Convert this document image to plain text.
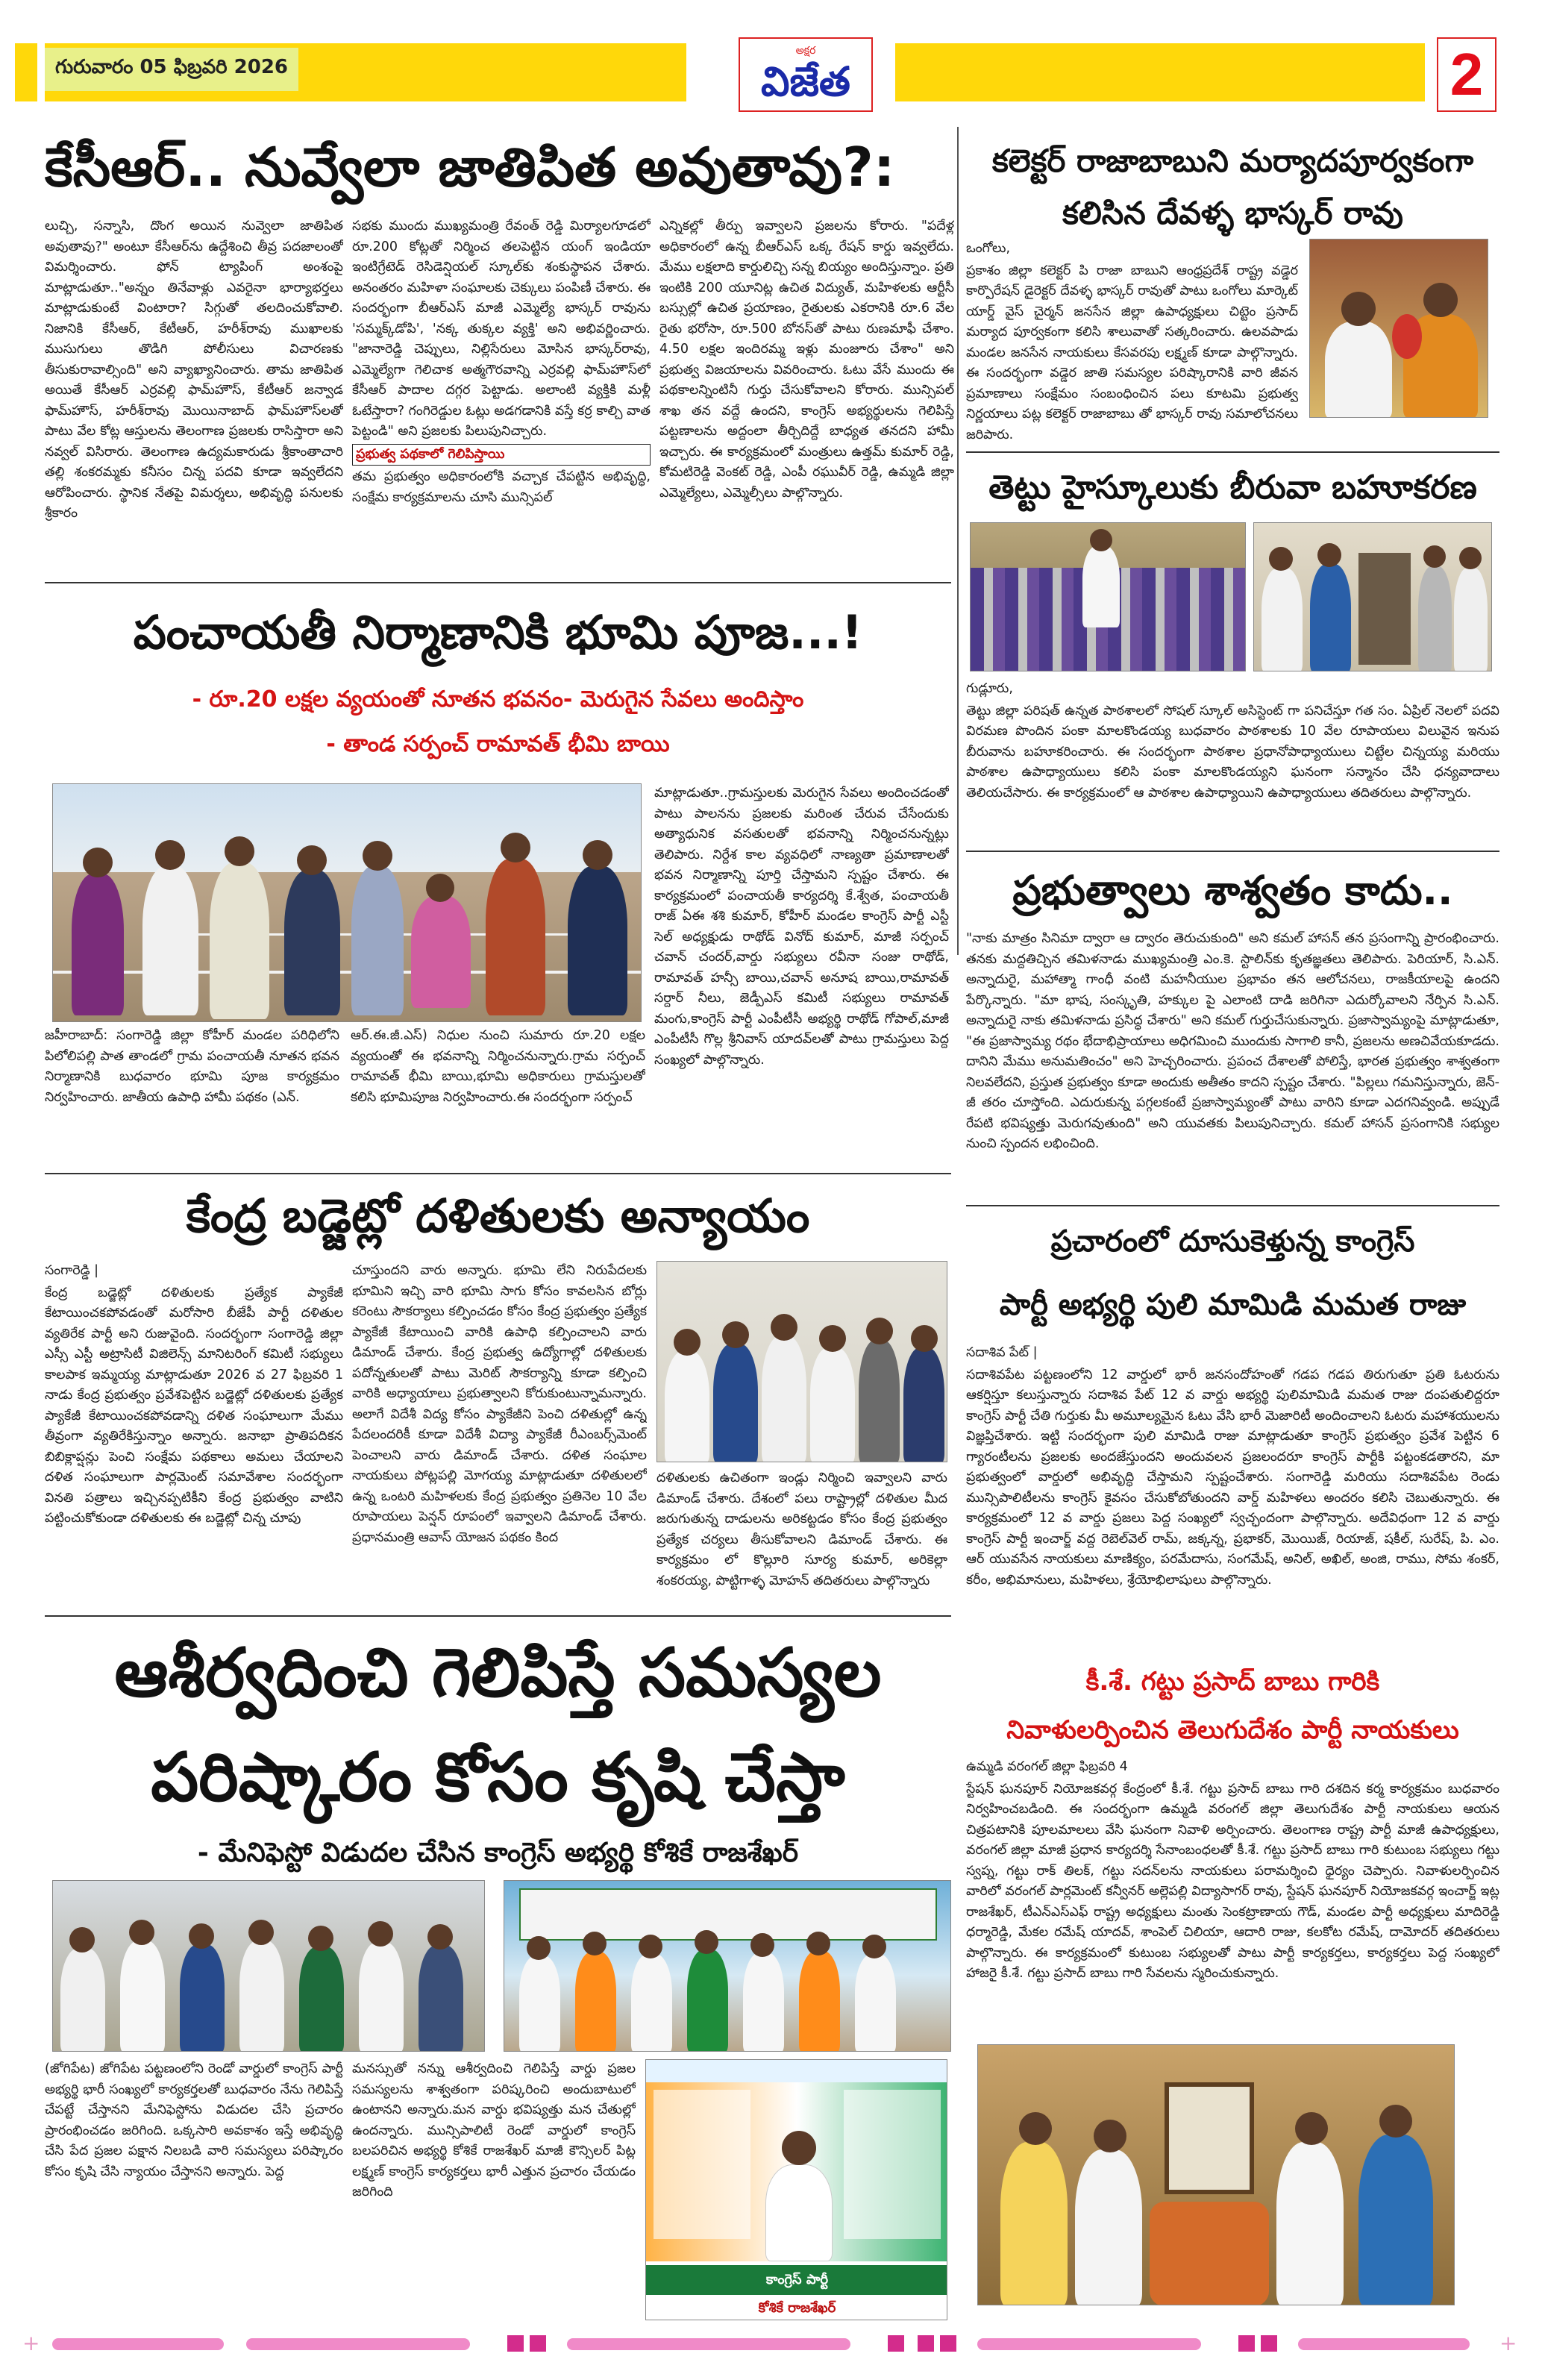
గురువారం 05 ఫిబ్రవరి 2026
అక్షర
విజేత	2
కేసీఆర్.. నువ్వేలా జాతిపిత అవుతావు?:
లుచ్చి, సన్నాసి, దొంగ అయిన నువ్వెలా జాతిపిత అవుతావు?" అంటూ కేసీఆర్‌ను ఉద్దేశించి తీవ్ర పదజాలంతో విమర్శించారు. ఫోన్ ట్యాపింగ్ అంశంపై మాట్లాడుతూ.."అన్నం తినేవాళ్లు ఎవరైనా భార్యాభర్తలు మాట్లాడుకుంటే వింటారా? సిగ్గుతో తలదించుకోవాలి. నిజానికి కేసీఆర్, కేటీఆర్, హరీశ్‌రావు ముఖాలకు ముసుగులు తొడిగి పోలీసులు విచారణకు తీసుకురావాల్సింది" అని వ్యాఖ్యానించారు. తామ జాతిపిత అయితే కేసీఆర్ ఎర్రవల్లి ఫామ్‌హౌస్, కేటీఆర్ జన్వాడ ఫామ్‌హౌస్, హరీశ్‌రావు మొయినాబాద్ ఫామ్‌హౌస్‌లతో పాటు వేల కోట్ల ఆస్తులను తెలంగాణ ప్రజలకు రాసిస్తారా అని నవ్వల్ విసిరారు. తెలంగాణ ఉద్యమకారుడు శ్రీకాంతాచారి తల్లి శంకరమ్మకు కనీసం చిన్న పదవి కూడా ఇవ్వలేదని ఆరోపించారు. స్థానిక నేతపై విమర్శలు, అభివృద్ధి పనులకు శ్రీకారం

సభకు ముందు ముఖ్యమంత్రి రేవంత్ రెడ్డి మిర్యాలగూడలో రూ.200 కోట్లతో నిర్మించ తలపెట్టిన యంగ్ ఇండియా ఇంటిగ్రేటెడ్ రెసిడెన్షియల్ స్కూల్‌కు శంకుస్థాపన చేశారు. అనంతరం మహిళా సంఘాలకు చెక్కులు పంపిణీ చేశారు. ఈ సందర్భంగా బీఆర్ఎస్ మాజీ ఎమ్మెల్యే భాస్కర్ రావును 'సమ్మక్క్‌డోపి', 'నక్క తుక్కల వ్యక్తి' అని అభివర్ణించారు. "జానారెడ్డి చెప్పులు, నిల్లిసేరులు మోసిన భాస్కర్‌రావు, ఎమ్మెల్యేగా గెలిచాక అత్మగౌరవాన్ని ఎర్రవల్లి ఫామ్‌హౌస్‌లో కేసీఆర్ పాదాల దగ్గర పెట్టాడు. అలాంటి వ్యక్తికి మళ్లీ ఓటేస్తారా? గంగిరెడ్డుల ఓట్లు అడగడానికి వస్తే కర్ర కాల్చి వాత పెట్టండి" అని ప్రజలకు పిలుపునిచ్చారు.

ప్రభుత్వ పథకాలో గెలిపిస్తాయి

తమ ప్రభుత్వం అధికారంలోకి వచ్చాక చేపట్టిన అభివృద్ధి, సంక్షేమ కార్యక్రమాలను చూసి మున్సిపల్

ఎన్నికల్లో తీర్పు ఇవ్వాలని ప్రజలను కోరారు. "పదేళ్ల అధికారంలో ఉన్న బీఆర్ఎస్ ఒక్క రేషన్ కార్డు ఇవ్వలేదు. మేము లక్షలాది కార్డులిచ్చి సన్న బియ్యం అందిస్తున్నాం. ప్రతి ఇంటికి 200 యూనిట్ల ఉచిత విద్యుత్, మహిళలకు ఆర్టీసీ బస్సుల్లో ఉచిత ప్రయాణం, రైతులకు ఎకరానికి రూ.6 వేల రైతు భరోసా, రూ.500 బోనస్‌తో పాటు రుణమాఫీ చేశాం. 4.50 లక్షల ఇందిరమ్మ ఇళ్లు మంజూరు చేశాం" అని ప్రభుత్వ విజయాలను వివరించారు. ఓటు వేసే ముందు ఈ పథకాలన్నింటినీ గుర్తు చేసుకోవాలని కోరారు. మున్సిపల్ శాఖ తన వద్దే ఉందని, కాంగ్రెస్ అభ్యర్థులను గెలిపిస్తే పట్టణాలను అద్దంలా తీర్చిదిద్దే బాధ్యత తనదని హామీ ఇచ్చారు. ఈ కార్యక్రమంలో మంత్రులు ఉత్తమ్ కుమార్ రెడ్డి, కోమటిరెడ్డి వెంకట్ రెడ్డి, ఎంపీ రఘువీర్ రెడ్డి, ఉమ్మడి జిల్లా ఎమ్మెల్యేలు, ఎమ్మెల్సీలు పాల్గొన్నారు.
పంచాయతీ నిర్మాణానికి భూమి పూజ...!
- రూ.20 లక్షల వ్యయంతో నూతన భవనం- మెరుగైన సేవలు అందిస్తాం
- తాండ సర్పంచ్ రామావత్ భీమి బాయి
జహీరాబాద్: సంగారెడ్డి జిల్లా కోహీర్ మండల పరిధిలోని పిలోలిపల్లి పాత తాండలో గ్రామ పంచాయతీ నూతన భవన నిర్మాణానికి బుధవారం భూమి పూజ కార్యక్రమం నిర్వహించారు. జాతీయ ఉపాధి హామీ పథకం (ఎన్.
ఆర్.ఈ.జీ.ఎస్) నిధుల నుంచి సుమారు రూ.20 లక్షల వ్యయంతో ఈ భవనాన్ని నిర్మించనున్నారు.గ్రామ సర్పంచ్ రామావత్ భీమి బాయి,భూమి అధికారులు గ్రామస్తులతో కలిసి భూమిపూజ నిర్వహించారు.ఈ సందర్భంగా సర్పంచ్
మాట్లాడుతూ..గ్రామస్తులకు మెరుగైన సేవలు అందించడంతో పాటు పాలనను ప్రజలకు మరింత చేరువ చేసేందుకు అత్యాధునిక వసతులతో భవనాన్ని నిర్మించనున్నట్లు తెలిపారు. నిర్దేశ కాల వ్యవధిలో నాణ్యతా ప్రమాణాలతో భవన నిర్మాణాన్ని పూర్తి చేస్తామని స్పష్టం చేశారు. ఈ కార్యక్రమంలో పంచాయతీ కార్యదర్శి కే.శ్వేత, పంచాయతీ రాజ్ ఏఈ శశి కుమార్, కోహీర్ మండల కాంగ్రెస్ పార్టీ ఎస్టీ సెల్ అధ్యక్షుడు రాథోడ్ వినోద్ కుమార్, మాజీ సర్పంచ్ చవాన్ చందర్,వార్డు సభ్యులు రవీనా సంజు రాథోడ్, రామావత్ హన్సీ బాయి,చవాన్ అనూష బాయి,రామావత్ సర్దార్ నీలు, జెడ్పీఎస్ కమిటీ సభ్యులు రామావత్ మంగు,కాంగ్రెస్ పార్టీ ఎంపీటీసీ అభ్యర్థి రాథోడ్ గోపాల్,మాజీ ఎంపీటీసీ గొల్ల శ్రీనివాస్ యాదవ్‌లతో పాటు గ్రామస్తులు పెద్ద సంఖ్యలో పాల్గొన్నారు.
కేంద్ర బడ్జెట్లో దళితులకు అన్యాయం

సంగారెడ్డి |

కేంద్ర బడ్జెట్లో దళితులకు ప్రత్యేక ప్యాకేజీ కేటాయించకపోవడంతో మరోసారి బీజేపీ పార్టీ దళితుల వ్యతిరేక పార్టీ అని రుజువైంది. సందర్భంగా సంగారెడ్డి జిల్లా ఎస్సీ ఎస్టీ అట్రాసిటీ విజిలెన్స్ మానిటరింగ్ కమిటీ సభ్యులు కాలపాక ఇమ్మయ్య మాట్లాడుతూ 2026 వ 27 ఫిబ్రవరి 1 నాడు కేంద్ర ప్రభుత్వం ప్రవేశపెట్టిన బడ్జెట్లో దళితులకు ప్రత్యేక ప్యాకేజీ కేటాయించకపోవడాన్ని దళిత సంఘాలుగా మేము తీవ్రంగా వ్యతిరేకిస్తున్నాం అన్నారు. జనాభా ప్రాతిపదికన బిబిక్లాప్షన్లు పెంచి సంక్షేమ పథకాలు అమలు చేయాలని దళిత సంఘాలుగా పార్లమెంట్ సమావేశాల సందర్భంగా వినతి పత్రాలు ఇచ్చినప్పటికీని కేంద్ర ప్రభుత్వం వాటిని పట్టించుకోకుండా దళితులకు ఈ బడ్జెట్లో చిన్న చూపు

చూస్తుందని వారు అన్నారు. భూమి లేని నిరుపేదలకు భూమిని ఇచ్చి వారి భూమి సాగు కోసం కావలసిన బోర్లు కరెంటు సౌకర్యాలు కల్పించడం కోసం కేంద్ర ప్రభుత్వం ప్రత్యేక ప్యాకేజీ కేటాయించి వారికి ఉపాధి కల్పించాలని వారు డిమాండ్ చేశారు. కేంద్ర ప్రభుత్వ ఉద్యోగాల్లో దళితులకు పదోన్నతులతో పాటు మెరిట్ సౌకర్యాన్ని కూడా కల్పించి వారికి అధ్యాయాలు ప్రభుత్వాలని కోరుకుంటున్నామన్నారు. అలాగే విదేశీ విద్య కోసం ప్యాకేజీని పెంచి దళితుల్లో ఉన్న పేదలందరికీ కూడా విదేశీ విద్యా ప్యాకేజీ రీఎంబర్స్‌మెంట్ పెంచాలని వారు డిమాండ్ చేశారు. దళిత సంఘాల నాయకులు పోట్లపల్లి మోగయ్య మాట్లాడుతూ దళితులలో ఉన్న ఒంటరి మహిళలకు కేంద్ర ప్రభుత్వం ప్రతినెల 10 వేల రూపాయలు పెన్షన్ రూపంలో ఇవ్వాలని డిమాండ్ చేశారు. ప్రధానమంత్రి ఆవాస్ యోజన పథకం కింద
దళితులకు ఉచితంగా ఇండ్లు నిర్మించి ఇవ్వాలని వారు డిమాండ్ చేశారు. దేశంలో పలు రాష్ట్రాల్లో దళితుల మీద జరుగుతున్న దాడులను అరికట్టడం కోసం కేంద్ర ప్రభుత్వం ప్రత్యేక చర్యలు తీసుకోవాలని డిమాండ్ చేశారు. ఈ కార్యక్రమం లో కొల్లూరి సూర్య కుమార్, అరికెల్లా శంకరయ్య, పొట్టిగాళ్ళ మోహన్ తదితరులు పాల్గొన్నారు
ఆశీర్వదించి గెలిపిస్తే సమస్యల
పరిష్కారం కోసం కృషి చేస్తా
- మేనిఫెస్టో విడుదల చేసిన కాంగ్రెస్ అభ్యర్థి కోశికే రాజశేఖర్
(జోగిపేట) జోగిపేట పట్టణంలోని రెండో వార్డులో కాంగ్రెస్ పార్టీ అభ్యర్థి భారీ సంఖ్యలో కార్యకర్తలతో బుధవారం నేను గెలిపిస్తే చేపట్టే చేస్తానని మేనిఫెస్టోను విడుదల చేసి ప్రచారం ప్రారంభించడం జరిగింది. ఒక్కసారి అవకాశం ఇస్తే అభివృద్ధి చేసి పేద ప్రజల పక్షాన నిలబడి వారి సమస్యలు పరిష్కారం కోసం కృషి చేసి న్యాయం చేస్తానని అన్నారు. పెద్ద
మనస్సుతో నన్ను ఆశీర్వదించి గెలిపిస్తే వార్డు ప్రజల సమస్యలను శాశ్వతంగా పరిష్కరించి అందుబాటులో ఉంటానని అన్నారు.మన వార్డు భవిష్యత్తు మన చేతుల్లో ఉందన్నారు. మున్సిపాలిటీ రెండో వార్డులో కాంగ్రెస్ బలపరిచిన అభ్యర్థి కోశికే రాజశేఖర్ మాజీ కౌన్సిలర్ పిట్ల లక్ష్మణ్ కాంగ్రెస్ కార్యకర్తలు భారీ ఎత్తున ప్రచారం చేయడం జరిగింది
కాంగ్రెస్ పార్టీ
కోశికే రాజశేఖర్
కలెక్టర్ రాజాబాబుని మర్యాదపూర్వకంగా
కలిసిన దేవళ్ళ భాస్కర్ రావు

ఒంగోలు,

ప్రకాశం జిల్లా కలెక్టర్ పి రాజా బాబుని ఆంధ్రప్రదేశ్ రాష్ట్ర వడ్డెర కార్పొరేషన్ డైరెక్టర్ దేవళ్ళ భాస్కర్ రావుతో పాటు ఒంగోలు మార్కెట్ యార్డ్ వైస్ చైర్మన్ జనసేన జిల్లా ఉపాధ్యక్షులు చిట్టెం ప్రసాద్ మర్యాద పూర్వకంగా కలిసి శాలువాతో సత్కరించారు. ఉలవపాడు మండల జనసేన నాయకులు కేసవరపు లక్ష్మణ్ కూడా పాల్గొన్నారు. ఈ సందర్భంగా వడ్డెర జాతి సమస్యల పరిష్కారానికి వారి జీవన ప్రమాణాలు సంక్షేమం సంబంధించిన పలు కూటమి ప్రభుత్వ నిర్ణయాలు పట్ల కలెక్టర్ రాజాబాబు తో భాస్కర్ రావు సమాలోచనలు జరిపారు.

తెట్టు హైస్కూలుకు బీరువా బహూకరణ

గుడ్లూరు,

తెట్టు జిల్లా పరిషత్ ఉన్నత పాఠశాలలో సోషల్ స్కూల్ అసిస్టెంట్ గా పనిచేస్తూ గత సం. ఏప్రిల్ నెలలో పదవి విరమణ పొందిన పంకా మాలకొండయ్య బుధవారం పాఠశాలకు 10 వేల రూపాయలు విలువైన ఇనుప బీరువాను బహూకరించారు. ఈ సందర్భంగా పాఠశాల ప్రధానోపాధ్యాయులు చిట్టేల చిన్నయ్య మరియు పాఠశాల ఉపాధ్యాయులు కలిసి పంకా మాలకొండయ్యని ఘనంగా సన్మానం చేసి ధన్యవాదాలు తెలియచేసారు. ఈ కార్యక్రమంలో ఆ పాఠశాల ఉపాధ్యాయిని ఉపాధ్యాయులు తదితరులు పాల్గొన్నారు.

ప్రభుత్వాలు శాశ్వతం కాదు..
"నాకు మాత్రం సినిమా ద్వారా ఆ ద్వారం తెరుచుకుంది" అని కమల్ హాసన్ తన ప్రసంగాన్ని ప్రారంభించారు. తనకు మద్దతిచ్చిన తమిళనాడు ముఖ్యమంత్రి ఎం.కె. స్టాలిన్‌కు కృతజ్ఞతలు తెలిపారు. పెరియార్, సి.ఎన్. అన్నాదురై, మహాత్మా గాంధీ వంటి మహనీయుల ప్రభావం తన ఆలోచనలు, రాజకీయాలపై ఉందని పేర్కొన్నారు. "మా భాష, సంస్కృతి, హక్కుల పై ఎలాంటి దాడి జరిగినా ఎదుర్కోవాలని నేర్పిన సి.ఎన్. అన్నాదురై నాకు తమిళనాడు ప్రసిద్ధ చేశారు" అని కమల్ గుర్తుచేసుకున్నారు. ప్రజాస్వామ్యంపై మాట్లాడుతూ, "ఈ ప్రజాస్వామ్య రథం భేదాభిప్రాయాలు అధిగమించి ముందుకు సాగాలి కానీ, ప్రజలను అణచివేయకూడదు. దానిని మేము అనుమతించం" అని హెచ్చరించారు. ప్రపంచ దేశాలతో పోలిస్తే, భారత ప్రభుత్వం శాశ్వతంగా నిలవలేదని, ప్రస్తుత ప్రభుత్వం కూడా అందుకు అతీతం కాదని స్పష్టం చేశారు. "పిల్లలు గమనిస్తున్నారు, జెన్-జీ తరం చూస్తోంది. ఎదురుకున్న పగ్గలకంటే ప్రజాస్వామ్యంతో పాటు వారిని కూడా ఎదగనివ్వండి. అప్పుడే రేపటి భవిష్యత్తు మెరుగవుతుంది" అని యువతకు పిలుపునిచ్చారు. కమల్ హాసన్ ప్రసంగానికి సభ్యుల నుంచి స్పందన లభించింది.
ప్రచారంలో దూసుకెళ్తున్న కాంగ్రెస్
పార్టీ అభ్యర్థి పులి మామిడి మమత రాజు

సదాశివ పేట్ |

సదాశివపేట పట్టణంలోని 12 వార్డులో భారీ జనసందోహంతో గడప గడప తిరుగుతూ ప్రతి ఓటరును ఆకర్షిస్తూ కలుస్తున్నారు సదాశివ పేట్ 12 వ వార్డు అభ్యర్థి పులిమామిడి మమత రాజు దంపతులిద్దరూ కాంగ్రెస్ పార్టీ చేతి గుర్తుకు మీ అమూల్యమైన ఓటు వేసి భారీ మెజారిటీ అందించాలని ఓటరు మహాశయులను విజ్ఞప్తిచేశారు. ఇట్టి సందర్భంగా పులి మామిడి రాజు మాట్లాడుతూ కాంగ్రెస్ ప్రభుత్వం ప్రవేశ పెట్టిన 6 గ్యారంటీలను ప్రజలకు అందజేస్తుందని అందువలన ప్రజలందరూ కాంగ్రెస్ పార్టీకి పట్టంకడతారని, మా ప్రభుత్వంలో వార్డులో అభివృద్ధి చేస్తామని స్పష్టంచేశారు. సంగారెడ్డి మరియు సదాశివపేట రెండు మున్సిపాలిటీలను కాంగ్రెస్ కైవసం చేసుకోబోతుందని వార్డ్ మహిళలు అందరం కలిసి చెబుతున్నారు. ఈ కార్యక్రమంలో 12 వ వార్డు ప్రజలు పెద్ద సంఖ్యలో స్వచ్ఛందంగా పాల్గొన్నారు. అదేవిధంగా 12 వ వార్డు కాంగ్రెస్ పార్టీ ఇంచార్జ్ వద్ద రెబెల్‌వెల్ రామ్, జక్కన్న, ప్రభాకర్, మొయిజ్, రియాజ్, షకీల్, సురేష్, పి. ఎం. ఆర్ యువసేన నాయకులు మాణిక్యం, పరమేదాసు, సంగమేష్, అనిల్, అఖిల్, అంజి, రాము, సోమ శంకర్, కరీం, అభిమానులు, మహిళలు, శ్రేయోభిలాషులు పాల్గొన్నారు.

కీ.శే. గట్టు ప్రసాద్ బాబు గారికి
నివాళులర్పించిన తెలుగుదేశం పార్టీ నాయకులు

ఉమ్మడి వరంగల్ జిల్లా ఫిబ్రవరి 4

స్టేషన్ ఘనపూర్ నియోజకవర్గ కేంద్రంలో కీ.శే. గట్టు ప్రసాద్ బాబు గారి దశదిన కర్మ కార్యక్రమం బుధవారం నిర్వహించబడింది. ఈ సందర్భంగా ఉమ్మడి వరంగల్ జిల్లా తెలుగుదేశం పార్టీ నాయకులు ఆయన చిత్రపటానికి పూలమాలలు వేసి ఘనంగా నివాళి అర్పించారు. తెలంగాణ రాష్ట్ర పార్టీ మాజీ ఉపాధ్యక్షులు, వరంగల్ జిల్లా మాజీ ప్రధాన కార్యదర్శి సేనాంబంధలతో కీ.శే. గట్టు ప్రసాద్ బాబు గారి కుటుంబ సభ్యులు గట్టు స్వప్న, గట్టు రాక్ తిలక్, గట్టు సదన్‌లను నాయకులు పరామర్శించి ధైర్యం చెప్పారు. నివాళులర్పించిన వారిలో వరంగల్ పార్లమెంట్ కన్వీనర్ అల్లెపల్లి విద్యాసాగర్ రావు, స్టేషన్ ఘనపూర్ నియోజకవర్గ ఇంచార్జ్ ఇట్ల రాజశేఖర్, టీఎన్ఎస్ఎఫ్ రాష్ట్ర అధ్యక్షులు మంతు సెంకట్రాణాయ గౌడ్, మండల పార్టీ అధ్యక్షులు మాదిరెడ్డి ధర్మారెడ్డి, మేకల రమేష్ యాదవ్, శాంపెల్ చిలియా, ఆదారి రాజు, కలకోట రమేష్, దామోదర్ తదితరులు పాల్గొన్నారు. ఈ కార్యక్రమంలో కుటుంబ సభ్యులతో పాటు పార్టీ కార్యకర్తలు, కార్యకర్తలు పెద్ద సంఖ్యలో హాజరై కీ.శే. గట్టు ప్రసాద్ బాబు గారి సేవలను స్మరించుకున్నారు.

+	+
